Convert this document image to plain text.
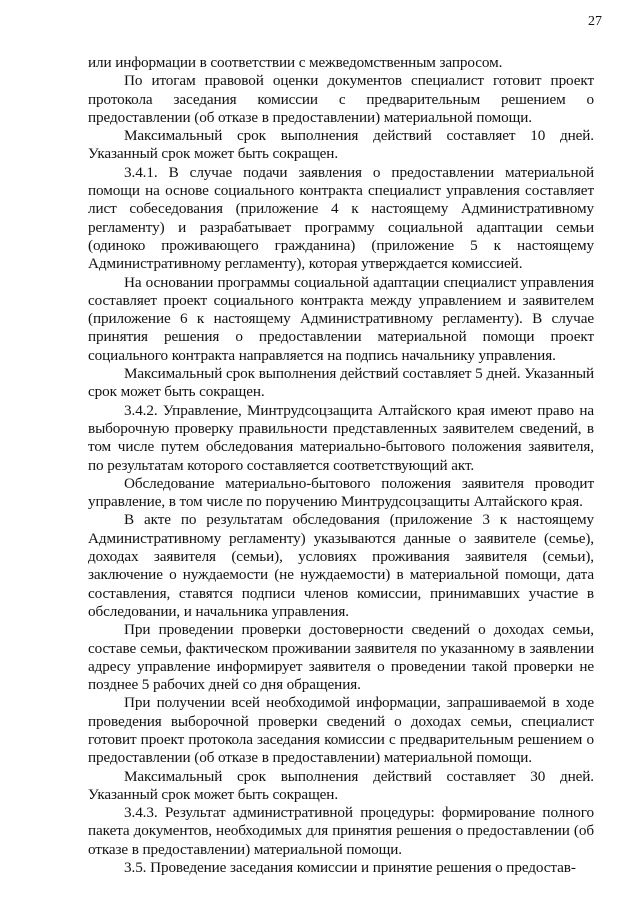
27

или информации в соответствии с межведомственным запросом.

По итогам правовой оценки документов специалист готовит проект протокола заседания комиссии с предварительным решением о предоставлении (об отказе в предоставлении) материальной помощи.

Максимальный срок выполнения действий составляет 10 дней. Указанный срок может быть сокращен.

3.4.1. В случае подачи заявления о предоставлении материальной помощи на основе социального контракта специалист управления составляет лист собеседования (приложение 4 к настоящему Административному регламенту) и разрабатывает программу социальной адаптации семьи (одиноко проживающего гражданина) (приложение 5 к настоящему Административному регламенту), которая утверждается комиссией.

На основании программы социальной адаптации специалист управления составляет проект социального контракта между управлением и заявителем (приложение 6 к настоящему Административному регламенту). В случае принятия решения о предоставлении материальной помощи проект социального контракта направляется на подпись начальнику управления.

Максимальный срок выполнения действий составляет 5 дней. Указанный срок может быть сокращен.

3.4.2. Управление, Минтрудсоцзащита Алтайского края имеют право на выборочную проверку правильности представленных заявителем сведений, в том числе путем обследования материально-бытового положения заявителя, по результатам которого составляется соответствующий акт.

Обследование материально-бытового положения заявителя проводит управление, в том числе по поручению Минтрудсоцзащиты Алтайского края.

В акте по результатам обследования (приложение 3 к настоящему Административному регламенту) указываются данные о заявителе (семье), доходах заявителя (семьи), условиях проживания заявителя (семьи), заключение о нуждаемости (не нуждаемости) в материальной помощи, дата составления, ставятся подписи членов комиссии, принимавших участие в обследовании, и начальника управления.

При проведении проверки достоверности сведений о доходах семьи, составе семьи, фактическом проживании заявителя по указанному в заявлении адресу управление информирует заявителя о проведении такой проверки не позднее 5 рабочих дней со дня обращения.

При получении всей необходимой информации, запрашиваемой в ходе проведения выборочной проверки сведений о доходах семьи, специалист готовит проект протокола заседания комиссии с предварительным решением о предоставлении (об отказе в предоставлении) материальной помощи.

Максимальный срок выполнения действий составляет 30 дней. Указанный срок может быть сокращен.

3.4.3. Результат административной процедуры: формирование полного пакета документов, необходимых для принятия решения о предоставлении (об отказе в предоставлении) материальной помощи.

3.5. Проведение заседания комиссии и принятие решения о предостав-
